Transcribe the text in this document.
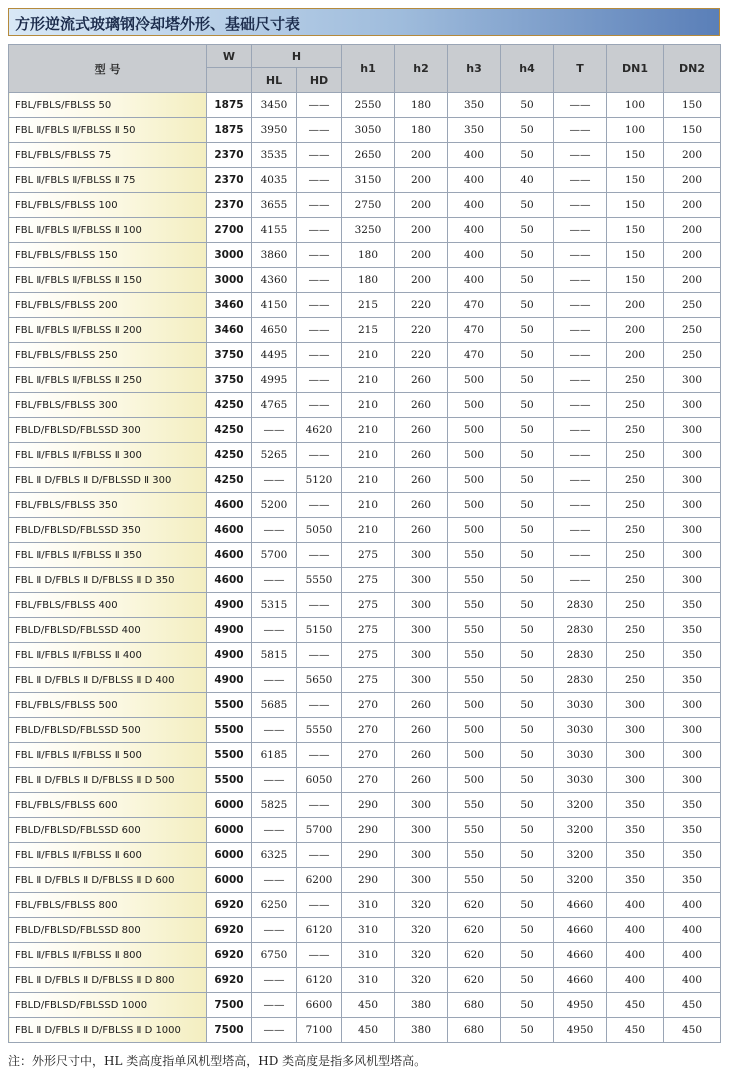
方形逆流式玻璃钢冷却塔外形、基础尺寸表
型 号	W	H		h1	h2	h3	h4	T	DN1	DN2
		HL	HD							
FBL/FBLS/FBLSS 50	1875	3450	——	2550	180	350	50	——	100	150
FBL Ⅱ/FBLS Ⅱ/FBLSS Ⅱ 50	1875	3950	——	3050	180	350	50	——	100	150
FBL/FBLS/FBLSS 75	2370	3535	——	2650	200	400	50	——	150	200
FBL Ⅱ/FBLS Ⅱ/FBLSS Ⅱ 75	2370	4035	——	3150	200	400	40	——	150	200
FBL/FBLS/FBLSS 100	2370	3655	——	2750	200	400	50	——	150	200
FBL Ⅱ/FBLS Ⅱ/FBLSS Ⅱ 100	2700	4155	——	3250	200	400	50	——	150	200
FBL/FBLS/FBLSS 150	3000	3860	——	180	200	400	50	——	150	200
FBL Ⅱ/FBLS Ⅱ/FBLSS Ⅱ 150	3000	4360	——	180	200	400	50	——	150	200
FBL/FBLS/FBLSS 200	3460	4150	——	215	220	470	50	——	200	250
FBL Ⅱ/FBLS Ⅱ/FBLSS Ⅱ 200	3460	4650	——	215	220	470	50	——	200	250
FBL/FBLS/FBLSS 250	3750	4495	——	210	220	470	50	——	200	250
FBL Ⅱ/FBLS Ⅱ/FBLSS Ⅱ 250	3750	4995	——	210	260	500	50	——	250	300
FBL/FBLS/FBLSS 300	4250	4765	——	210	260	500	50	——	250	300
FBLD/FBLSD/FBLSSD 300	4250	——	4620	210	260	500	50	——	250	300
FBL Ⅱ/FBLS Ⅱ/FBLSS Ⅱ 300	4250	5265	——	210	260	500	50	——	250	300
FBL Ⅱ D/FBLS Ⅱ D/FBLSSD Ⅱ 300	4250	——	5120	210	260	500	50	——	250	300
FBL/FBLS/FBLSS 350	4600	5200	——	210	260	500	50	——	250	300
FBLD/FBLSD/FBLSSD 350	4600	——	5050	210	260	500	50	——	250	300
FBL Ⅱ/FBLS Ⅱ/FBLSS Ⅱ 350	4600	5700	——	275	300	550	50	——	250	300
FBL Ⅱ D/FBLS Ⅱ D/FBLSS Ⅱ D 350	4600	——	5550	275	300	550	50	——	250	300
FBL/FBLS/FBLSS 400	4900	5315	——	275	300	550	50	2830	250	350
FBLD/FBLSD/FBLSSD 400	4900	——	5150	275	300	550	50	2830	250	350
FBL Ⅱ/FBLS Ⅱ/FBLSS Ⅱ 400	4900	5815	——	275	300	550	50	2830	250	350
FBL Ⅱ D/FBLS Ⅱ D/FBLSS Ⅱ D 400	4900	——	5650	275	300	550	50	2830	250	350
FBL/FBLS/FBLSS 500	5500	5685	——	270	260	500	50	3030	300	300
FBLD/FBLSD/FBLSSD 500	5500	——	5550	270	260	500	50	3030	300	300
FBL Ⅱ/FBLS Ⅱ/FBLSS Ⅱ 500	5500	6185	——	270	260	500	50	3030	300	300
FBL Ⅱ D/FBLS Ⅱ D/FBLSS Ⅱ D 500	5500	——	6050	270	260	500	50	3030	300	300
FBL/FBLS/FBLSS 600	6000	5825	——	290	300	550	50	3200	350	350
FBLD/FBLSD/FBLSSD 600	6000	——	5700	290	300	550	50	3200	350	350
FBL Ⅱ/FBLS Ⅱ/FBLSS Ⅱ 600	6000	6325	——	290	300	550	50	3200	350	350
FBL Ⅱ D/FBLS Ⅱ D/FBLSS Ⅱ D 600	6000	——	6200	290	300	550	50	3200	350	350
FBL/FBLS/FBLSS 800	6920	6250	——	310	320	620	50	4660	400	400
FBLD/FBLSD/FBLSSD 800	6920	——	6120	310	320	620	50	4660	400	400
FBL Ⅱ/FBLS Ⅱ/FBLSS Ⅱ 800	6920	6750	——	310	320	620	50	4660	400	400
FBL Ⅱ D/FBLS Ⅱ D/FBLSS Ⅱ D 800	6920	——	6120	310	320	620	50	4660	400	400
FBLD/FBLSD/FBLSSD 1000	7500	——	6600	450	380	680	50	4950	450	450
FBL Ⅱ D/FBLS Ⅱ D/FBLSS Ⅱ D 1000	7500	——	7100	450	380	680	50	4950	450	450
注：外形尺寸中，HL 类高度指单风机型塔高，HD 类高度是指多风机型塔高。
